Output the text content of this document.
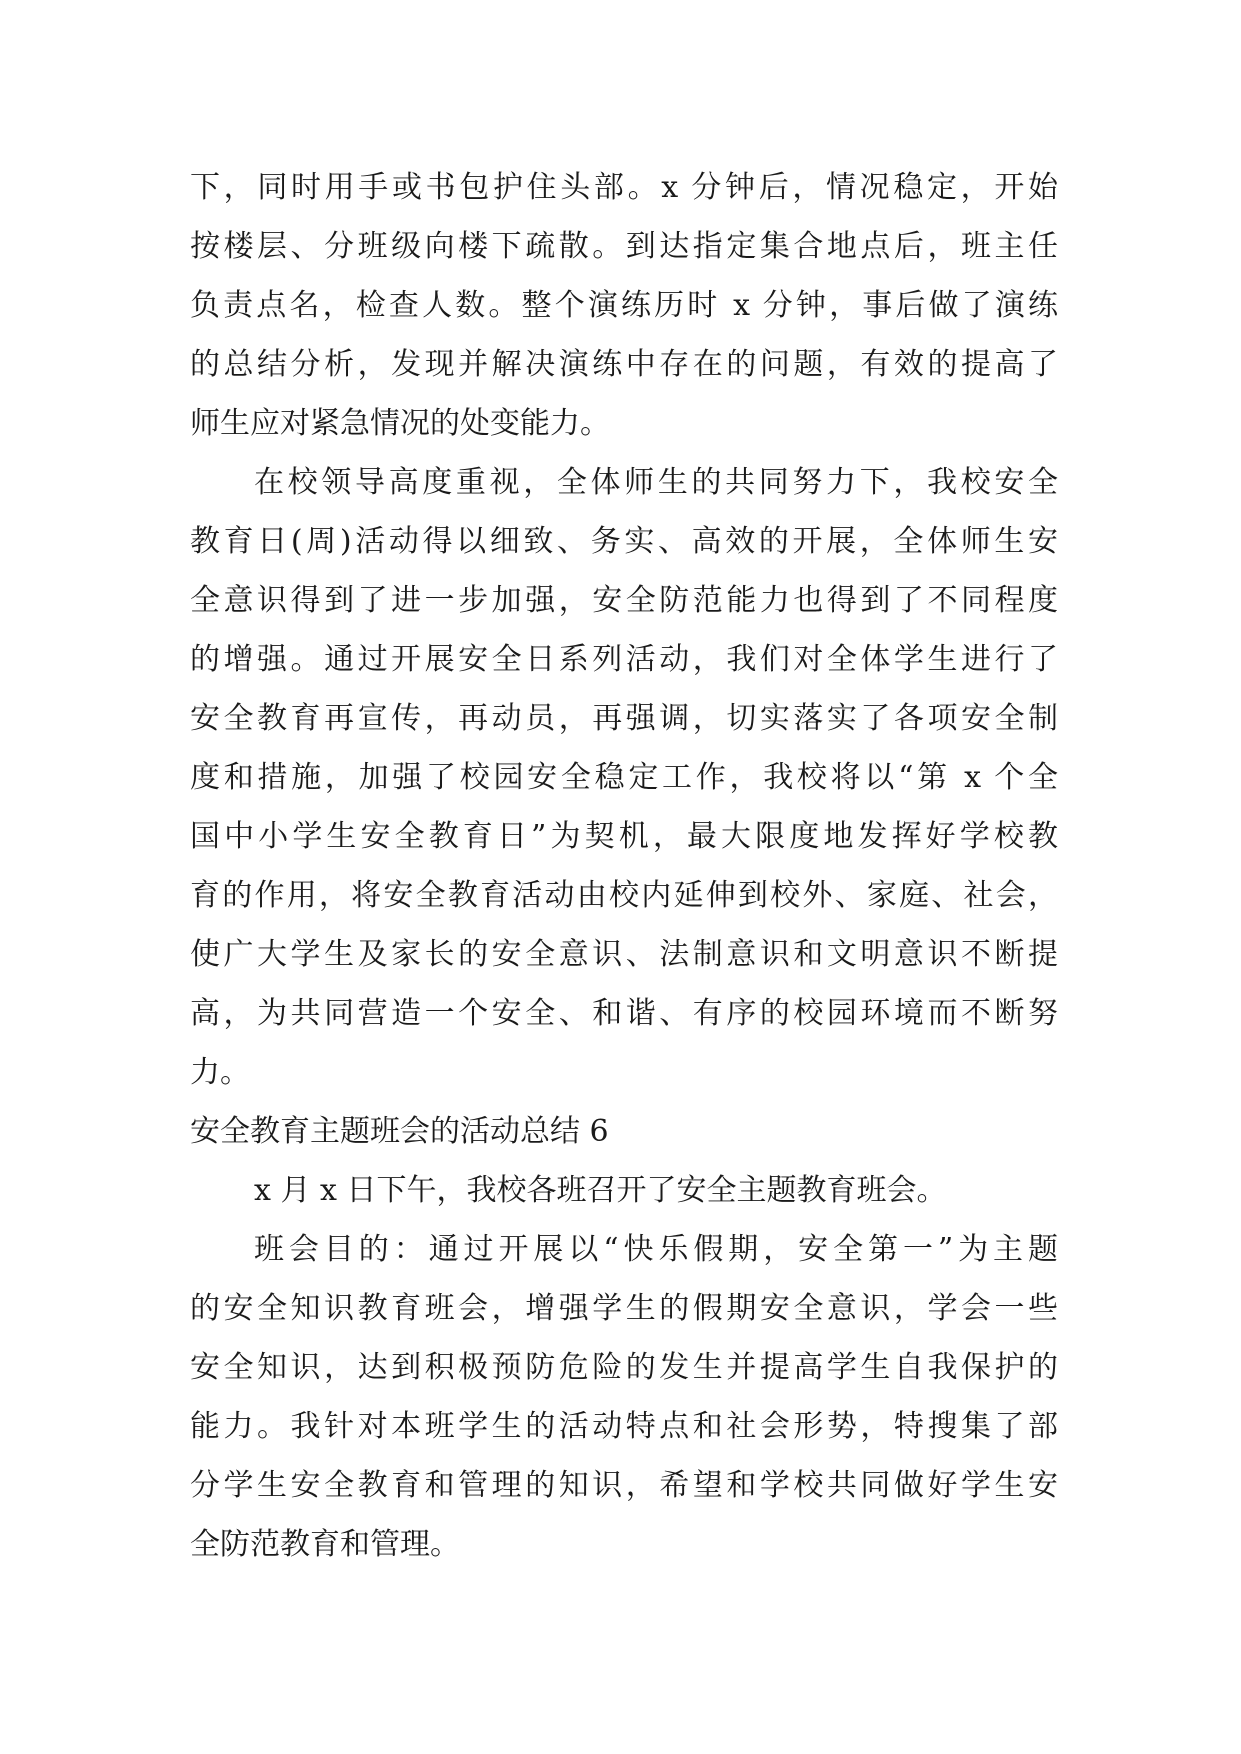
下，同时用手或书包护住头部。x 分钟后，情况稳定，开始
按楼层、分班级向楼下疏散。到达指定集合地点后，班主任
负责点名，检查人数。整个演练历时 x 分钟，事后做了演练
的总结分析，发现并解决演练中存在的问题，有效的提高了
师生应对紧急情况的处变能力。
在校领导高度重视，全体师生的共同努力下，我校安全
教育日(周)活动得以细致、务实、高效的开展，全体师生安
全意识得到了进一步加强，安全防范能力也得到了不同程度
的增强。通过开展安全日系列活动，我们对全体学生进行了
安全教育再宣传，再动员，再强调，切实落实了各项安全制
度和措施，加强了校园安全稳定工作，我校将以“第 x 个全
国中小学生安全教育日”为契机，最大限度地发挥好学校教
育的作用，将安全教育活动由校内延伸到校外、家庭、社会，
使广大学生及家长的安全意识、法制意识和文明意识不断提
高，为共同营造一个安全、和谐、有序的校园环境而不断努
力。
安全教育主题班会的活动总结 6
x 月 x 日下午，我校各班召开了安全主题教育班会。
班会目的：通过开展以“快乐假期，安全第一”为主题
的安全知识教育班会，增强学生的假期安全意识，学会一些
安全知识，达到积极预防危险的发生并提高学生自我保护的
能力。我针对本班学生的活动特点和社会形势，特搜集了部
分学生安全教育和管理的知识，希望和学校共同做好学生安
全防范教育和管理。
